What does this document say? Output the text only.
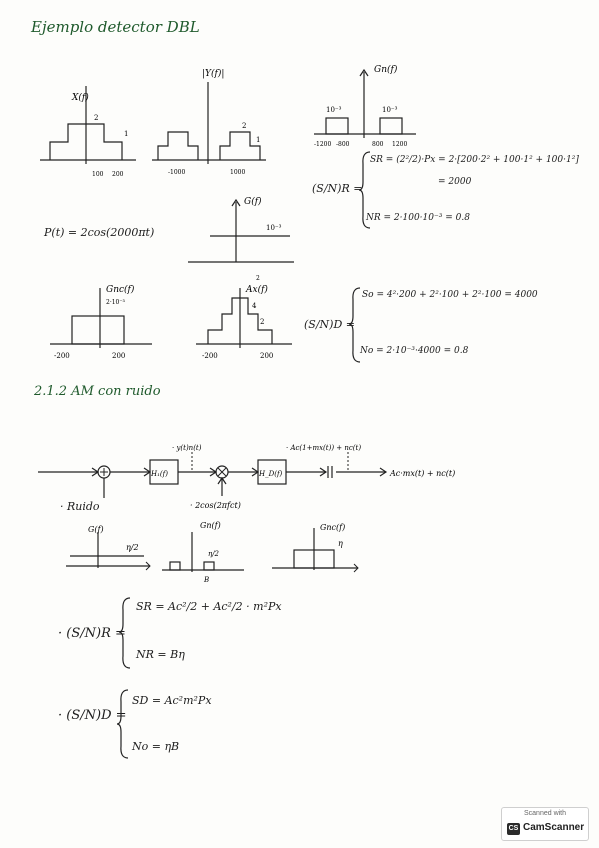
Ejemplo detector DBL
X(f)
2
1
100 200
|Y(f)|
2
1
-1000	1000
Gn(f)
10⁻³	10⁻³
-1200 -800	800 1200
(S/N)R =
SR = (2²/2)·Px = 2·[200·2² + 100·1² + 100·1²]
= 2000
NR = 2·100·10⁻³ = 0.8
P(t) = 2cos(2000πt)
G(f)
10⁻³
Gnc(f)
2·10⁻³
-200	200
Ax(f)
2
4
2
-200	200
(S/N)D =
So = 4²·200 + 2²·100 + 2²·100 = 4000
No = 2·10⁻³·4000 = 0.8
2.1.2 AM con ruido
H₁(f)	H_D(f)
· y(t)n(t)	· Ac(1+mx(t)) + nc(t)
· 2cos(2πfct)
Ac·mx(t) + nc(t)
· Ruido
G(f)
η/2
Gn(f)
η/2
B
Gnc(f)
η
· (S/N)R =
SR = Ac²/2 + Ac²/2 · m²Px
NR = Bη
· (S/N)D =
SD = Ac²m²Px
No = ηB
Scanned with
CS CamScanner
